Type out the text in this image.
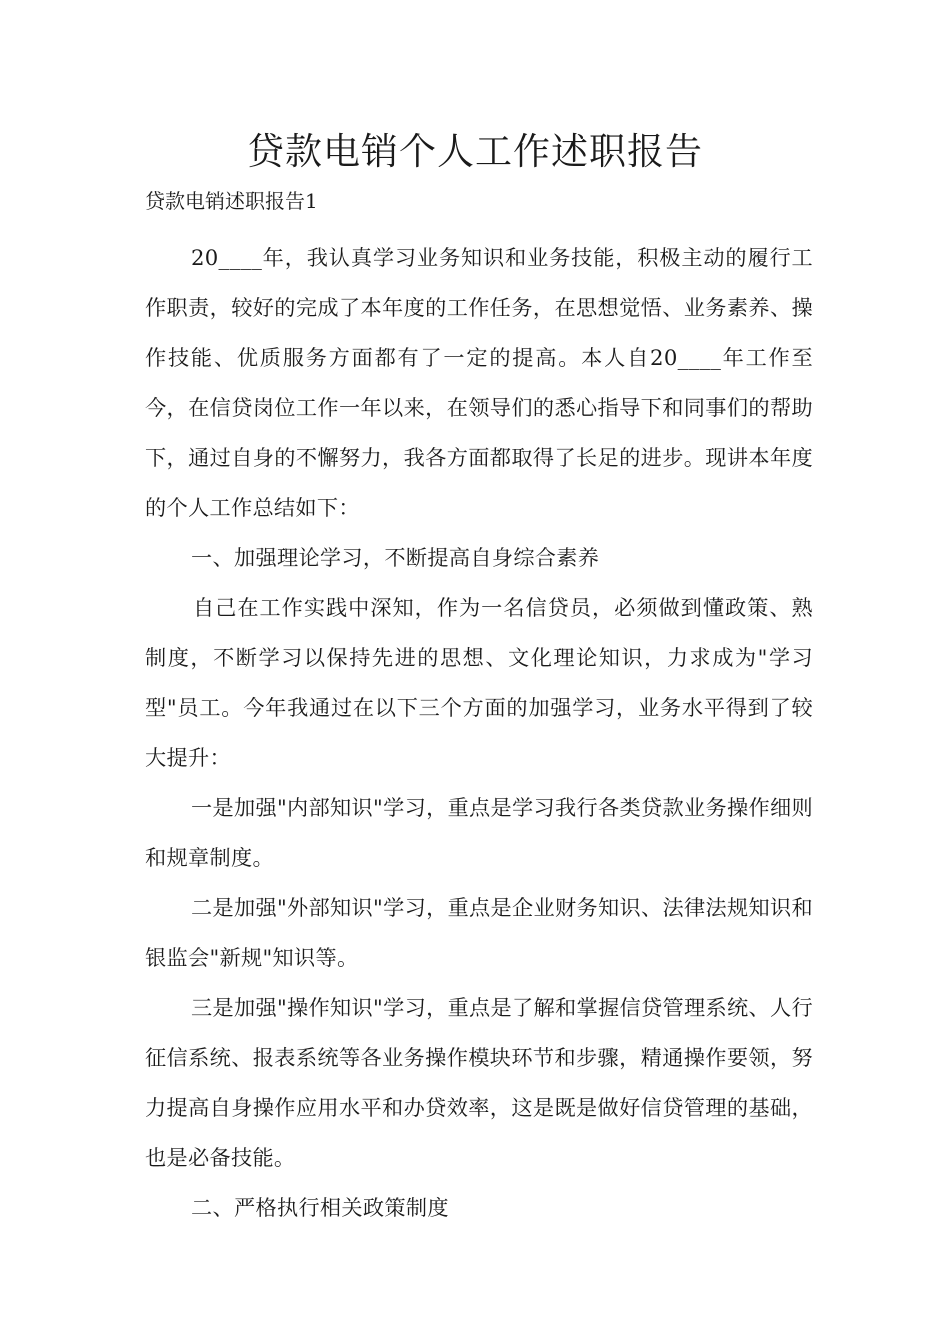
贷款电销个人工作述职报告

贷款电销述职报告1

20____年，我认真学习业务知识和业务技能，积极主动的履行工作职责，较好的完成了本年度的工作任务，在思想觉悟、业务素养、操作技能、优质服务方面都有了一定的提高。本人自20____年工作至今，在信贷岗位工作一年以来，在领导们的悉心指导下和同事们的帮助下，通过自身的不懈努力，我各方面都取得了长足的进步。现讲本年度的个人工作总结如下：

一、加强理论学习，不断提高自身综合素养

自己在工作实践中深知，作为一名信贷员，必须做到懂政策、熟制度，不断学习以保持先进的思想、文化理论知识，力求成为"学习型"员工。今年我通过在以下三个方面的加强学习，业务水平得到了较大提升：

一是加强"内部知识"学习，重点是学习我行各类贷款业务操作细则和规章制度。

二是加强"外部知识"学习，重点是企业财务知识、法律法规知识和银监会"新规"知识等。

三是加强"操作知识"学习，重点是了解和掌握信贷管理系统、人行征信系统、报表系统等各业务操作模块环节和步骤，精通操作要领，努力提高自身操作应用水平和办贷效率，这是既是做好信贷管理的基础，也是必备技能。

二、严格执行相关政策制度
